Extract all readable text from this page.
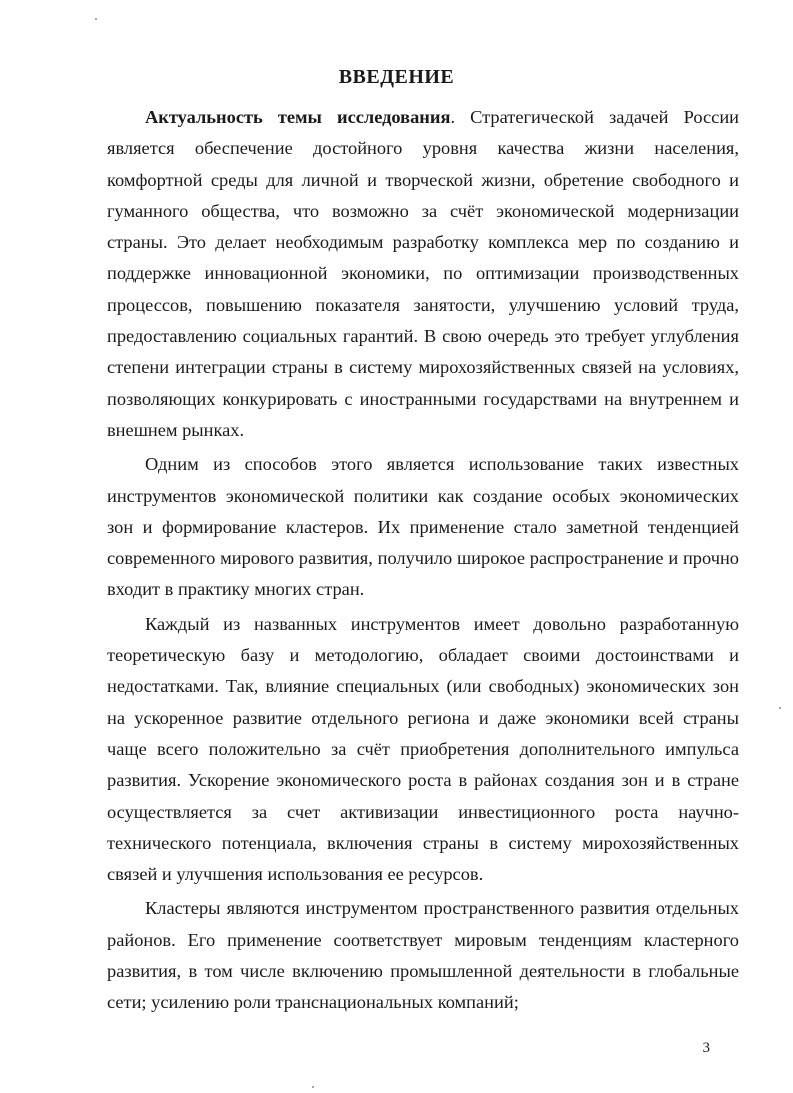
ВВЕДЕНИЕ

Актуальность темы исследования. Стратегической задачей России является обеспечение достойного уровня качества жизни населения, комфортной среды для личной и творческой жизни, обретение свободного и гуманного общества, что возможно за счёт экономической модернизации страны. Это делает необходимым разработку комплекса мер по созданию и поддержке инновационной экономики, по оптимизации производственных процессов, повышению показателя занятости, улучшению условий труда, предоставлению социальных гарантий. В свою очередь это требует углубления степени интеграции страны в систему мирохозяйственных связей на условиях, позволяющих конкурировать с иностранными государствами на внутреннем и внешнем рынках.

Одним из способов этого является использование таких известных инструментов экономической политики как создание особых экономических зон и формирование кластеров. Их применение стало заметной тенденцией современного мирового развития, получило широкое распространение и прочно входит в практику многих стран.

Каждый из названных инструментов имеет довольно разработанную теоретическую базу и методологию, обладает своими достоинствами и недостатками. Так, влияние специальных (или свободных) экономических зон на ускоренное развитие отдельного региона и даже экономики всей страны чаще всего положительно за счёт приобретения дополнительного импульса развития. Ускорение экономического роста в районах создания зон и в стране осуществляется за счет активизации инвестиционного роста научно-технического потенциала, включения страны в систему мирохозяйственных связей и улучшения использования ее ресурсов.

Кластеры являются инструментом пространственного развития отдельных районов. Его применение соответствует мировым тенденциям кластерного развития, в том числе включению промышленной деятельности в глобальные сети; усилению роли транснациональных компаний;

3
